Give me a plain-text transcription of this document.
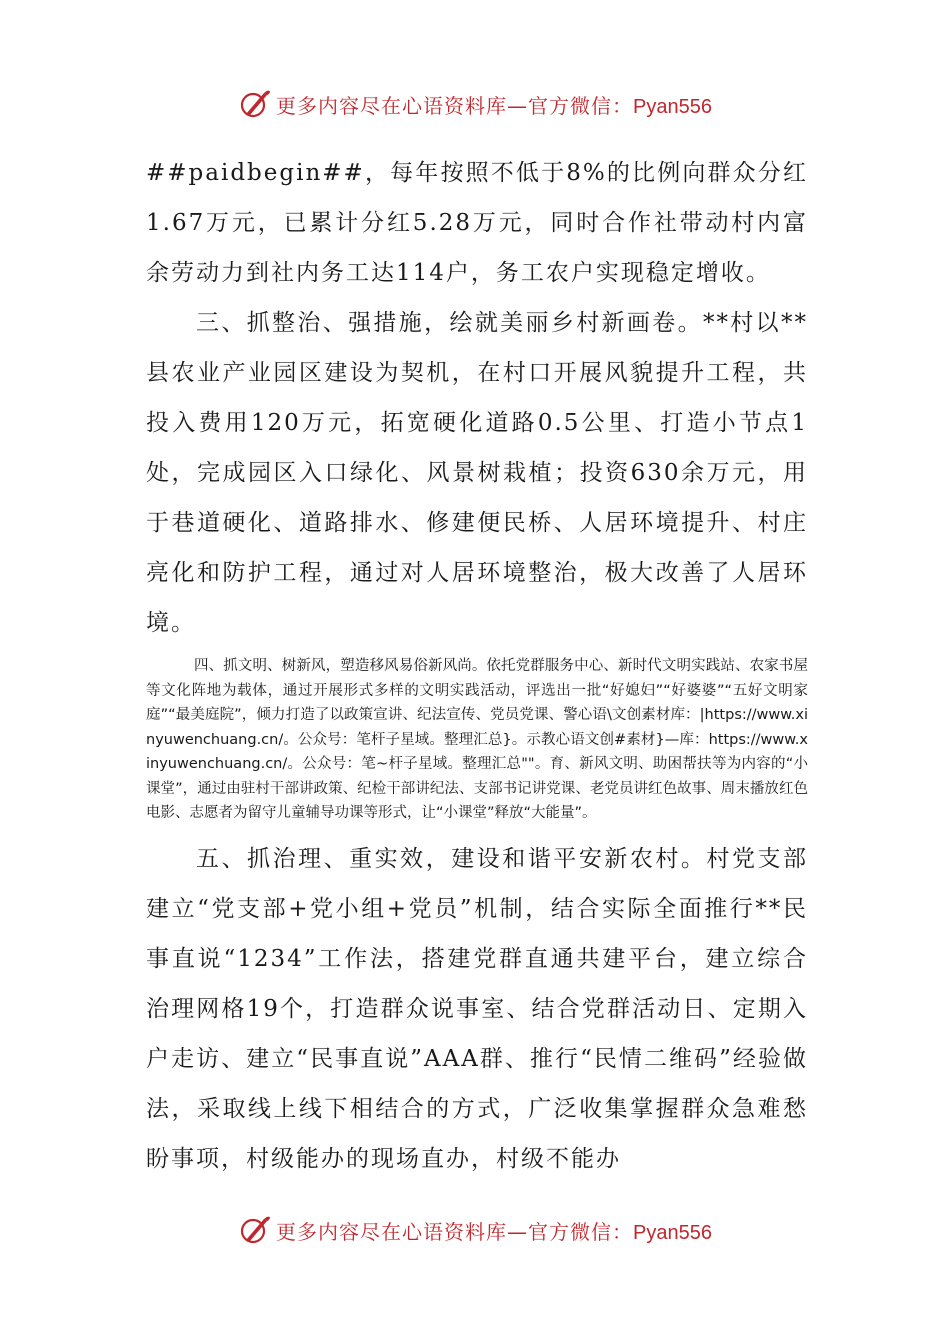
更多内容尽在心语资料库—官方微信：Pyan556

##paidbegin##，每年按照不低于8%的比例向群众分红1.67万元，已累计分红5.28万元，同时合作社带动村内富余劳动力到社内务工达114户，务工农户实现稳定增收。

三、抓整治、强措施，绘就美丽乡村新画卷。**村以**县农业产业园区建设为契机，在村口开展风貌提升工程，共投入费用120万元，拓宽硬化道路0.5公里、打造小节点1处，完成园区入口绿化、风景树栽植；投资630余万元，用于巷道硬化、道路排水、修建便民桥、人居环境提升、村庄亮化和防护工程，通过对人居环境整治，极大改善了人居环境。

四、抓文明、树新风，塑造移风易俗新风尚。依托党群服务中心、新时代文明实践站、农家书屋等文化阵地为载体，通过开展形式多样的文明实践活动，评选出一批“好媳妇”“好婆婆”“五好文明家庭”“最美庭院”，倾力打造了以政策宣讲、纪法宣传、党员党课、警心语\文创素材库：|https://www.xinyuwenchuang.cn/。公众号：笔杆子星域。整理汇总}。示教心语文创#素材}—库：https://www.xinyuwenchuang.cn/。公众号：笔~杆子星域。整理汇总""。育、新风文明、助困帮扶等为内容的“小课堂”，通过由驻村干部讲政策、纪检干部讲纪法、支部书记讲党课、老党员讲红色故事、周末播放红色电影、志愿者为留守儿童辅导功课等形式，让“小课堂”释放“大能量”。

五、抓治理、重实效，建设和谐平安新农村。村党支部建立“党支部+党小组+党员”机制，结合实际全面推行**民事直说“1234”工作法，搭建党群直通共建平台，建立综合治理网格19个，打造群众说事室、结合党群活动日、定期入户走访、建立“民事直说”AAA群、推行“民情二维码”经验做法，采取线上线下相结合的方式，广泛收集掌握群众急难愁盼事项，村级能办的现场直办，村级不能办

更多内容尽在心语资料库—官方微信：Pyan556
